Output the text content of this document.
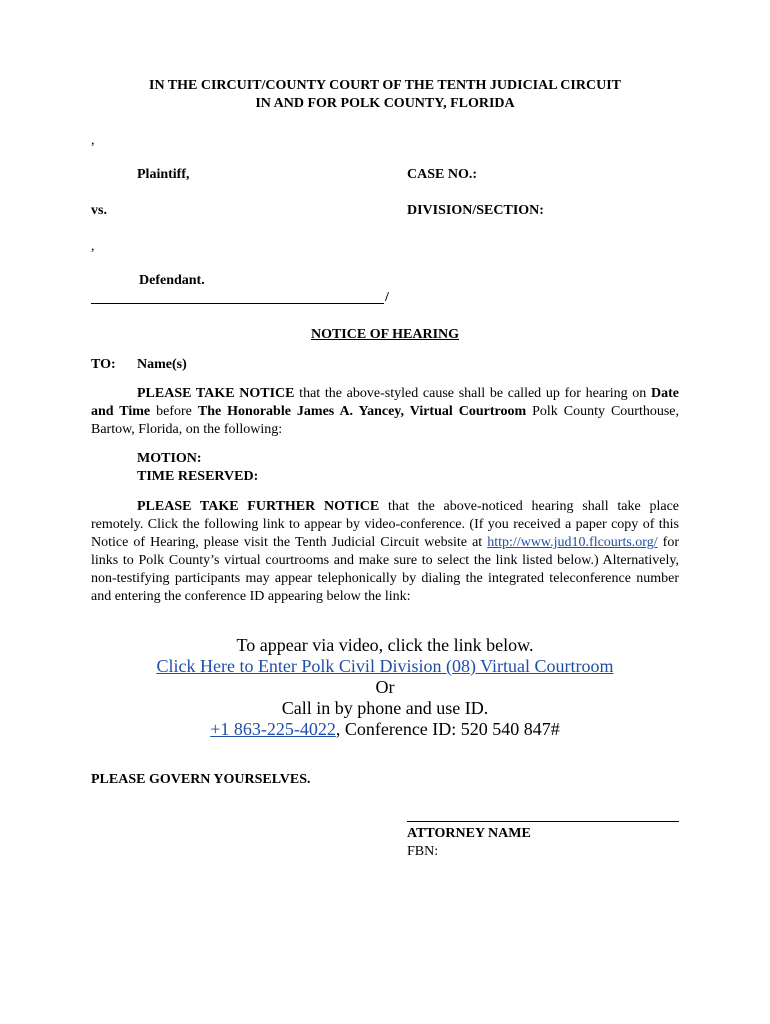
IN THE CIRCUIT/COUNTY COURT OF THE TENTH JUDICIAL CIRCUIT
IN AND FOR POLK COUNTY, FLORIDA
,
Plaintiff,	CASE NO.:
vs.	DIVISION/SECTION:
,
Defendant.
/
NOTICE OF HEARING
TO: Name(s)
PLEASE TAKE NOTICE that the above-styled cause shall be called up for hearing on Date and Time before The Honorable James A. Yancey, Virtual Courtroom Polk County Courthouse, Bartow, Florida, on the following:
MOTION:
TIME RESERVED:
PLEASE TAKE FURTHER NOTICE that the above-noticed hearing shall take place remotely. Click the following link to appear by video-conference. (If you received a paper copy of this Notice of Hearing, please visit the Tenth Judicial Circuit website at http://www.jud10.flcourts.org/ for links to Polk County’s virtual courtrooms and make sure to select the link listed below.) Alternatively, non-testifying participants may appear telephonically by dialing the integrated teleconference number and entering the conference ID appearing below the link:
To appear via video, click the link below.
Click Here to Enter Polk Civil Division (08) Virtual Courtroom
Or
Call in by phone and use ID.
+1 863-225-4022, Conference ID: 520 540 847#
PLEASE GOVERN YOURSELVES.
ATTORNEY NAME
FBN:
